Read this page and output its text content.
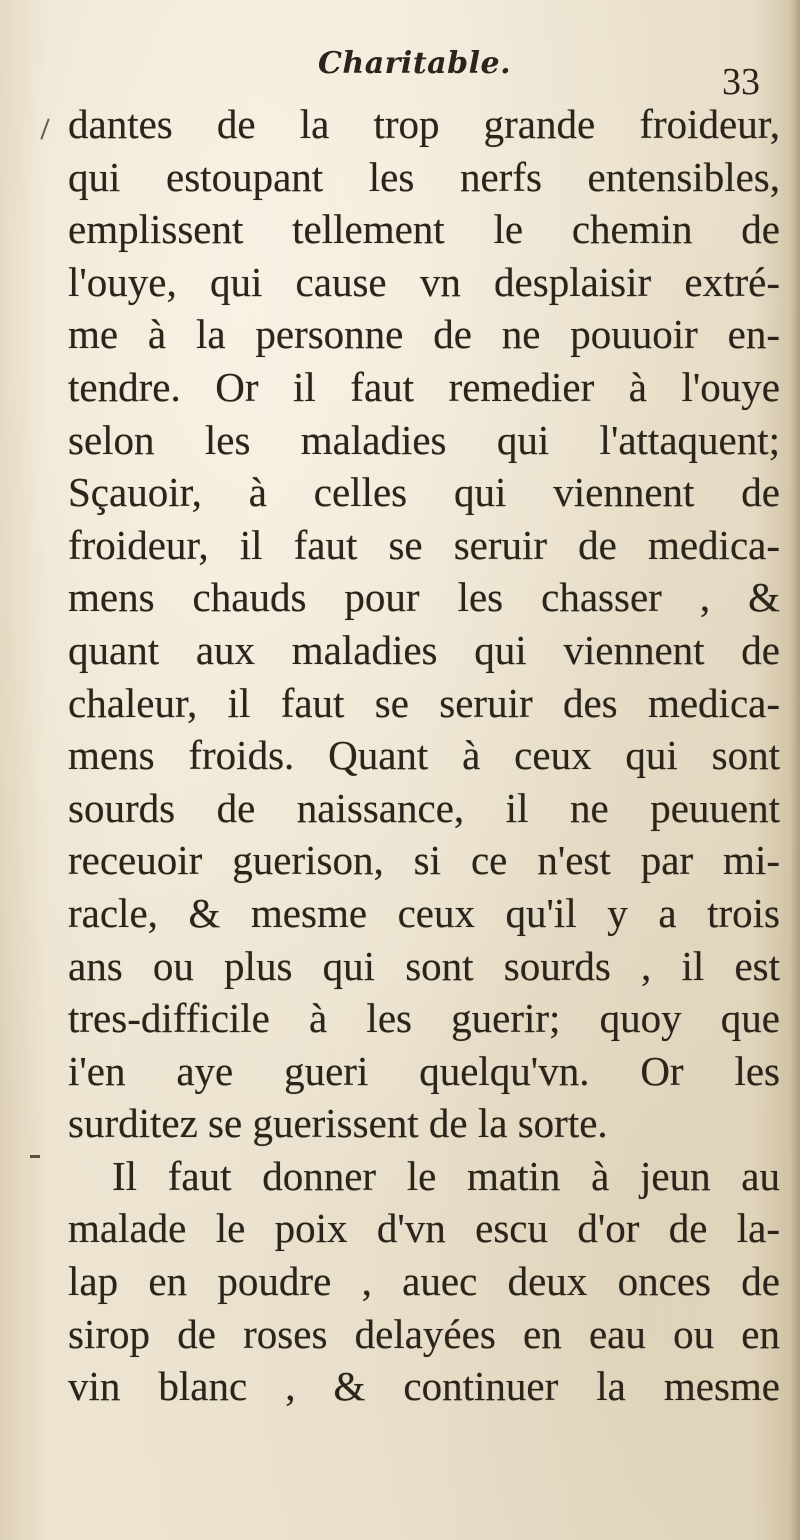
Charitable.	33
dantes de la trop grande froideur,
qui estoupant les nerfs entensibles,
emplissent tellement le chemin de
l'ouye, qui cause vn desplaisir extré-
me à la personne de ne pouuoir en-
tendre. Or il faut remedier à l'ouye
selon les maladies qui l'attaquent;
Sçauoir, à celles qui viennent de
froideur, il faut se seruir de medica-
mens chauds pour les chasser , &
quant aux maladies qui viennent de
chaleur, il faut se seruir des medica-
mens froids. Quant à ceux qui sont
sourds de naissance, il ne peuuent
receuoir guerison, si ce n'est par mi-
racle, & mesme ceux qu'il y a trois
ans ou plus qui sont sourds , il est
tres-difficile à les guerir; quoy que
i'en aye gueri quelqu'vn. Or les
surditez se guerissent de la sorte.
Il faut donner le matin à jeun au
malade le poix d'vn escu d'or de la-
lap en poudre , auec deux onces de
sirop de roses delayées en eau ou en
vin blanc , & continuer la mesme
